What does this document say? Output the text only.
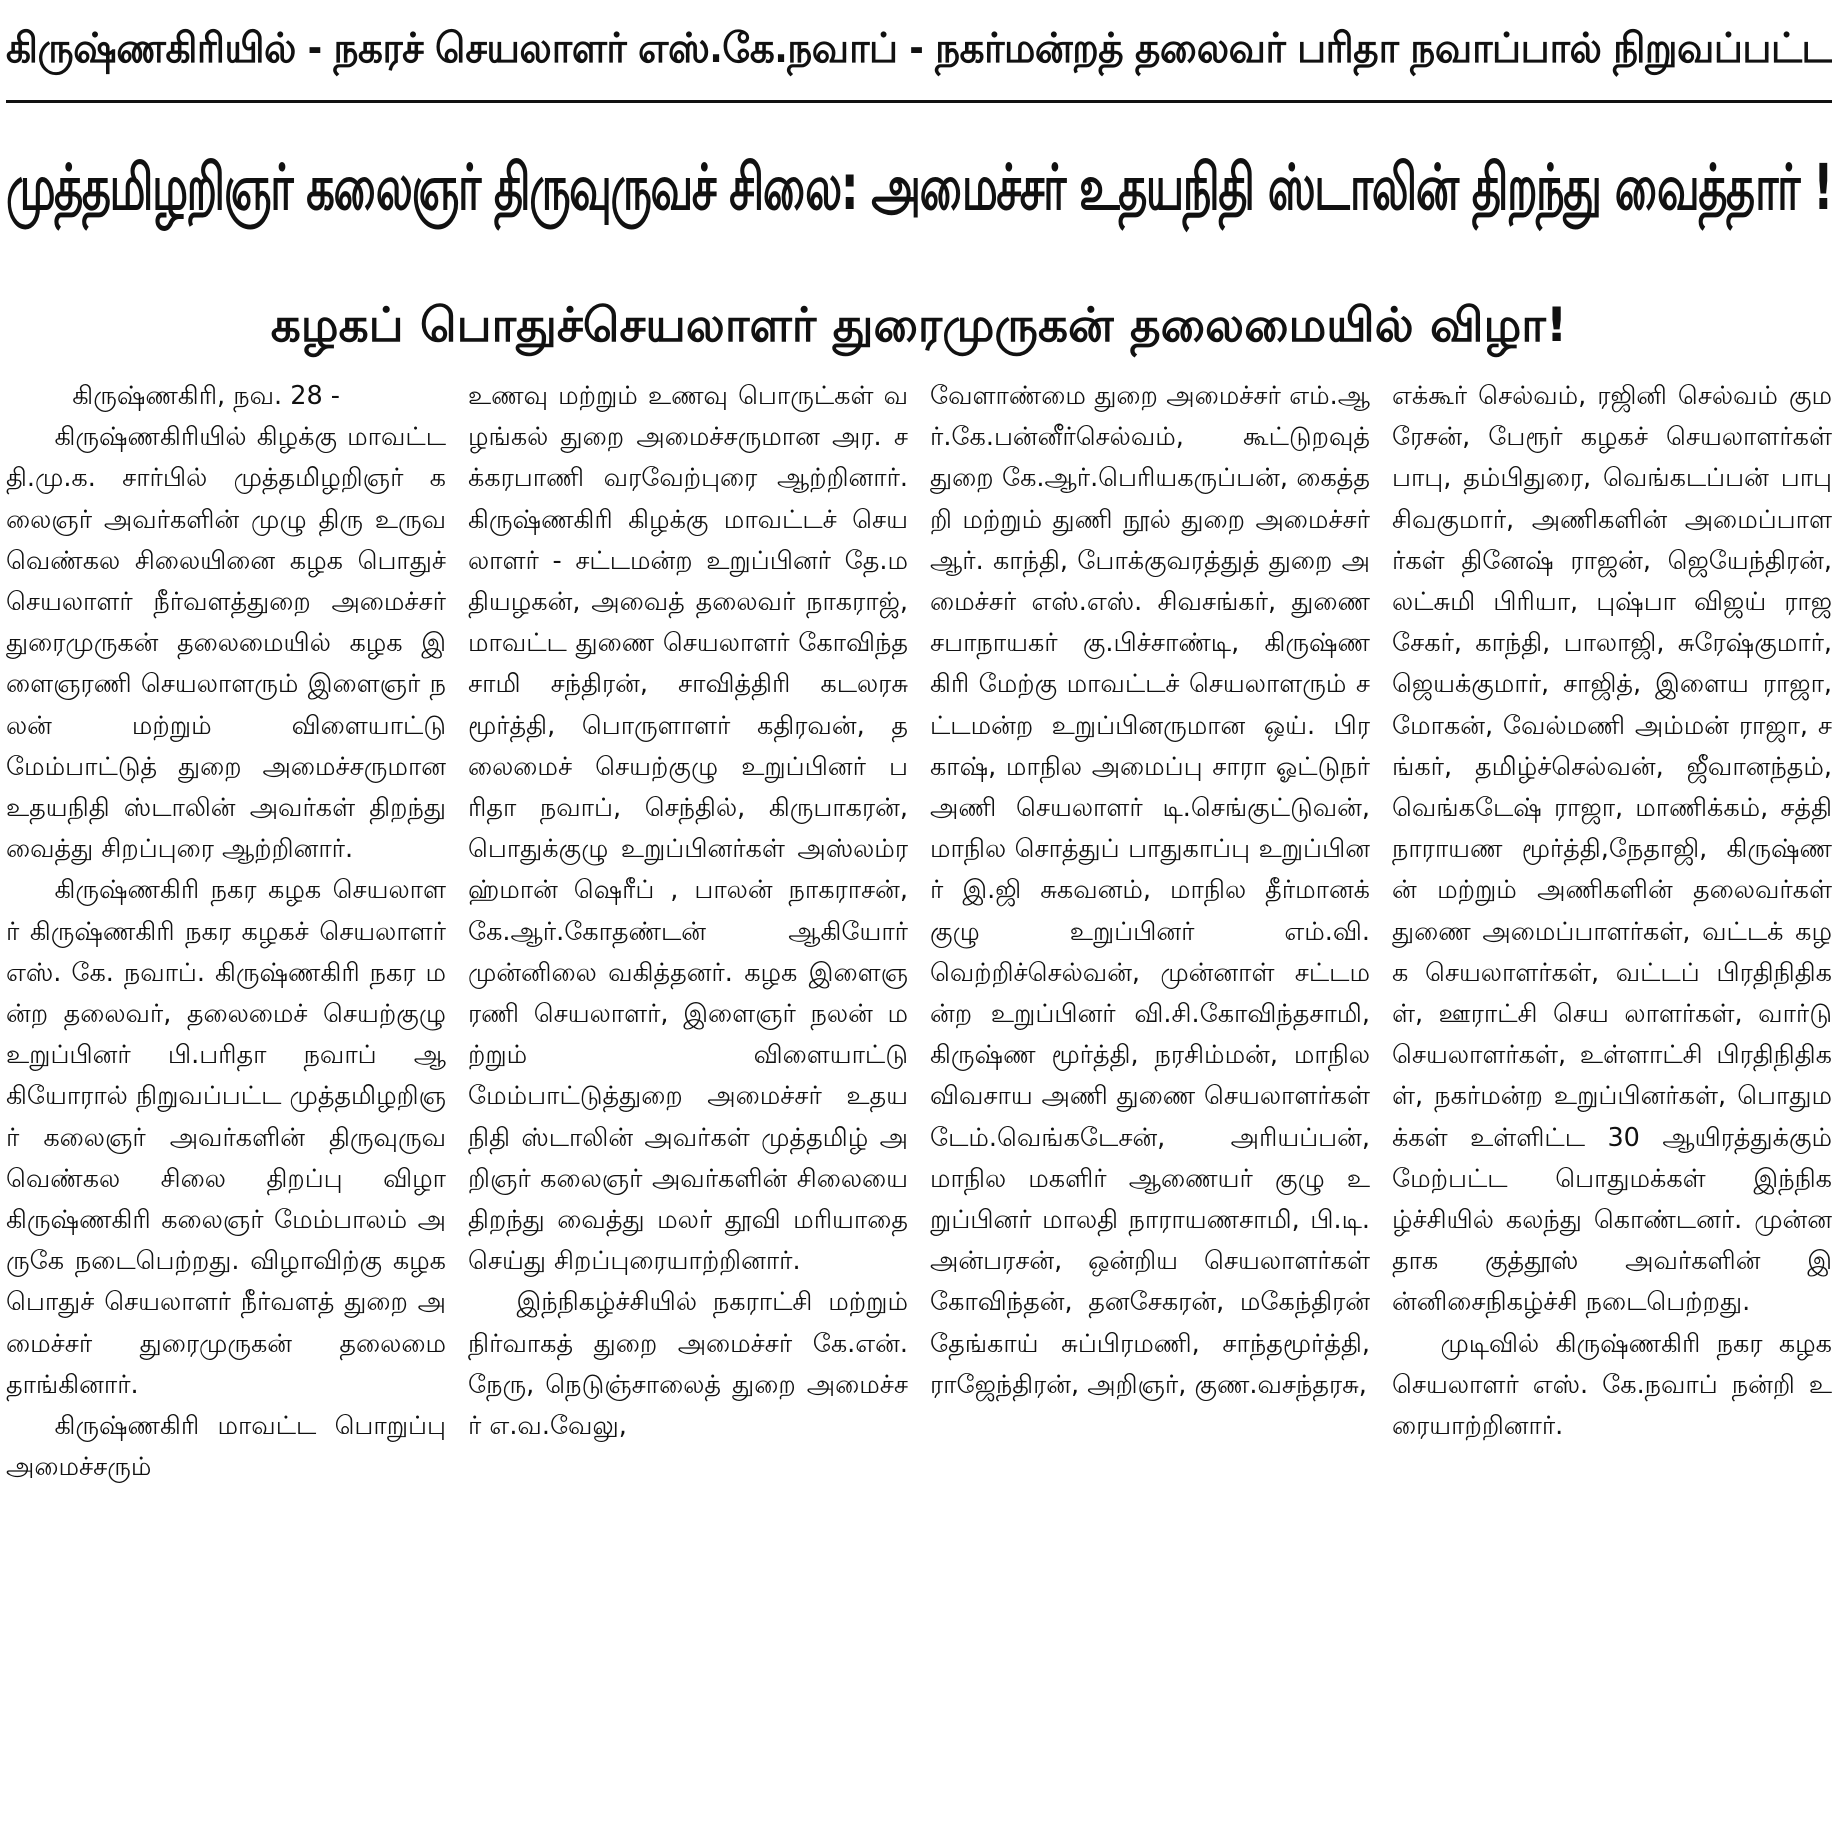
கிருஷ்ணகிரியில் - நகரச் செயலாளர் எஸ்.கே.நவாப் - நகர்மன்றத் தலைவர் பரிதா நவாப்பால் நிறுவப்பட்ட
முத்தமிழறிஞர் கலைஞர் திருவுருவச் சிலை: அமைச்சர் உதயநிதி ஸ்டாலின் திறந்து வைத்தார் !
கழகப் பொதுச்செயலாளர் துரைமுருகன் தலைமையில் விழா!

கிருஷ்ணகிரி, நவ. 28 -

கிருஷ்ணகிரியில் கிழக்கு மாவட்ட தி.மு.க. சார்பில் முத்தமிழறிஞர் கலைஞர் அவர்களின் முழு திரு உருவ வெண்கல சிலையினை கழக பொதுச் செயலாளர் நீர்வளத்துறை அமைச்சர் துரைமுருகன் தலைமையில் கழக இளைஞரணி செயலாளரும் இளைஞர் நலன் மற்றும் விளையாட்டு மேம்பாட்டுத் துறை அமைச்சருமான உதயநிதி ஸ்டாலின் அவர்கள் திறந்து வைத்து சிறப்புரை ஆற்றினார்.

கிருஷ்ணகிரி நகர கழக செயலாளர் கிருஷ்ணகிரி நகர கழகச் செயலாளர் எஸ். கே. நவாப். கிருஷ்ணகிரி நகர மன்ற தலைவர், தலைமைச் செயற்குழு உறுப்பினர் பி.பரிதா நவாப் ஆகியோரால் நிறுவப்பட்ட முத்தமிழறிஞர் கலைஞர் அவர்களின் திருவுருவ வெண்கல சிலை திறப்பு விழா கிருஷ்ணகிரி கலைஞர் மேம்பாலம் அருகே நடைபெற்றது. விழாவிற்கு கழக பொதுச் செயலாளர் நீர்வளத் துறை அமைச்சர் துரைமுருகன் தலைமை தாங்கினார்.

கிருஷ்ணகிரி மாவட்ட பொறுப்பு அமைச்சரும்

உணவு மற்றும் உணவு பொருட்கள் வழங்கல் துறை அமைச்சருமான அர. சக்கரபாணி வரவேற்புரை ஆற்றினார். கிருஷ்ணகிரி கிழக்கு மாவட்டச் செயலாளர் - சட்டமன்ற உறுப்பினர் தே.மதியழகன், அவைத் தலைவர் நாகராஜ், மாவட்ட துணை செயலாளர் கோவிந்தசாமி சந்திரன், சாவித்திரி கடலரசு மூர்த்தி, பொருளாளர் கதிரவன், தலைமைச் செயற்குழு உறுப்பினர் பரிதா நவாப், செந்தில், கிருபாகரன், பொதுக்குழு உறுப்பினர்கள் அஸ்லம்ரஹ்மான் ஷெரீப் , பாலன் நாகராசன், கே.ஆர்.கோதண்டன் ஆகியோர் முன்னிலை வகித்தனர். கழக இளைஞரணி செயலாளர், இளைஞர் நலன் மற்றும் விளையாட்டு மேம்பாட்டுத்துறை அமைச்சர் உதயநிதி ஸ்டாலின் அவர்கள் முத்தமிழ் அறிஞர் கலைஞர் அவர்களின் சிலையை திறந்து வைத்து மலர் தூவி மரியாதை செய்து சிறப்புரையாற்றினார்.

இந்நிகழ்ச்சியில் நகராட்சி மற்றும் நிர்வாகத் துறை அமைச்சர் கே.என். நேரு, நெடுஞ்சாலைத் துறை அமைச்சர் எ.வ.வேலு,

வேளாண்மை துறை அமைச்சர் எம்.ஆர்.கே.பன்னீர்செல்வம், கூட்டுறவுத் துறை கே.ஆர்.பெரியகருப்பன், கைத்தறி மற்றும் துணி நூல் துறை அமைச்சர் ஆர். காந்தி, போக்குவரத்துத் துறை அமைச்சர் எஸ்.எஸ். சிவசங்கர், துணை சபாநாயகர் கு.பிச்சாண்டி, கிருஷ்ணகிரி மேற்கு மாவட்டச் செயலாளரும் சட்டமன்ற உறுப்பினருமான ஒய். பிரகாஷ், மாநில அமைப்பு சாரா ஓட்டுநர் அணி செயலாளர் டி.செங்குட்டுவன், மாநில சொத்துப் பாதுகாப்பு உறுப்பினர் இ.ஜி சுகவனம், மாநில தீர்மானக் குழு உறுப்பினர் எம்.வி. வெற்றிச்செல்வன், முன்னாள் சட்டமன்ற உறுப்பினர் வி.சி.கோவிந்தசாமி, கிருஷ்ண மூர்த்தி, நரசிம்மன், மாநில விவசாய அணி துணை செயலாளர்கள் டேம்.வெங்கடேசன், அரியப்பன், மாநில மகளிர் ஆணையர் குழு உறுப்பினர் மாலதி நாராயணசாமி, பி.டி. அன்பரசன், ஒன்றிய செயலாளர்கள் கோவிந்தன், தனசேகரன், மகேந்திரன் தேங்காய் சுப்பிரமணி, சாந்தமூர்த்தி, ராஜேந்திரன், அறிஞர், குண.வசந்தரசு,

எக்கூர் செல்வம், ரஜினி செல்வம் குமரேசன், பேரூர் கழகச் செயலாளர்கள் பாபு, தம்பிதுரை, வெங்கடப்பன் பாபு சிவகுமார், அணிகளின் அமைப்பாளர்கள் தினேஷ் ராஜன், ஜெயேந்திரன், லட்சுமி பிரியா, புஷ்பா விஜய் ராஜசேகர், காந்தி, பாலாஜி, சுரேஷ்குமார், ஜெயக்குமார், சாஜித், இளைய ராஜா, மோகன், வேல்மணி அம்மன் ராஜா, சங்கர், தமிழ்ச்செல்வன், ஜீவானந்தம், வெங்கடேஷ் ராஜா, மாணிக்கம், சத்தி நாராயண மூர்த்தி,நேதாஜி, கிருஷ்ணன் மற்றும் அணிகளின் தலைவர்கள் துணை அமைப்பாளர்கள், வட்டக் கழக செயலாளர்கள், வட்டப் பிரதிநிதிகள், ஊராட்சி செய லாளர்கள், வார்டு செயலாளர்கள், உள்ளாட்சி பிரதிநிதிகள், நகர்மன்ற உறுப்பினர்கள், பொதுமக்கள் உள்ளிட்ட 30 ஆயிரத்துக்கும் மேற்பட்ட பொதுமக்கள் இந்நிகழ்ச்சியில் கலந்து கொண்டனர். முன்னதாக குத்தூஸ் அவர்களின் இன்னிசைநிகழ்ச்சி நடைபெற்றது.

முடிவில் கிருஷ்ணகிரி நகர கழக செயலாளர் எஸ். கே.நவாப் நன்றி உரையாற்றினார்.
